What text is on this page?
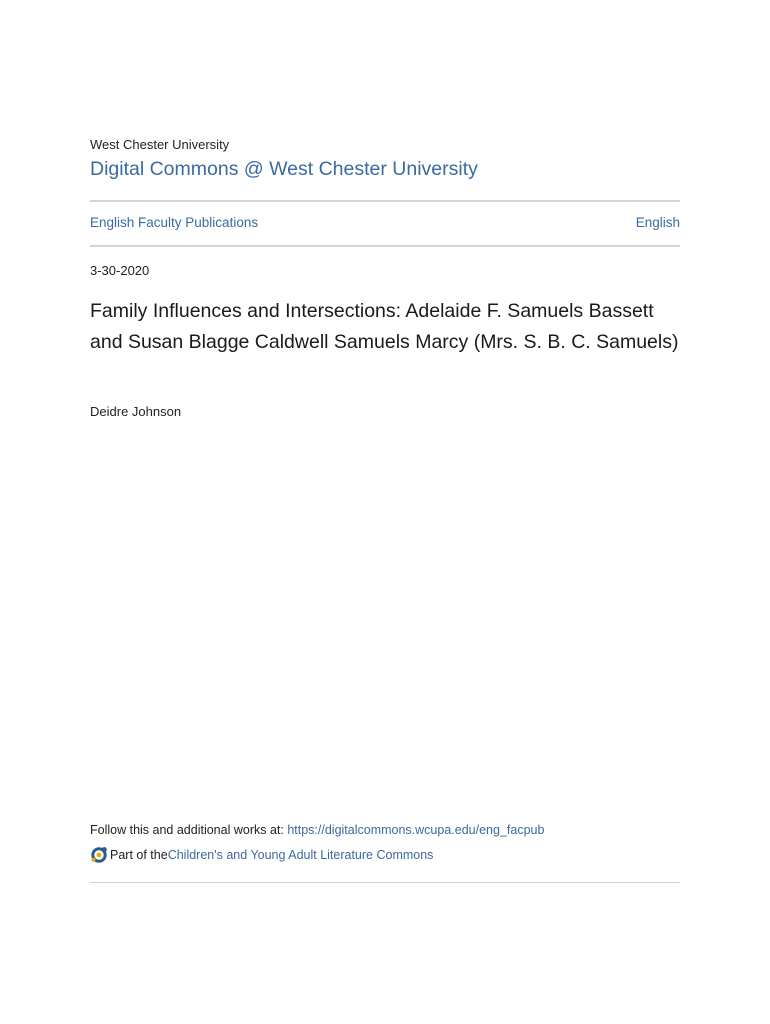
West Chester University
Digital Commons @ West Chester University
English Faculty Publications	English
3-30-2020
Family Influences and Intersections: Adelaide F. Samuels Bassett and Susan Blagge Caldwell Samuels Marcy (Mrs. S. B. C. Samuels)
Deidre Johnson
Follow this and additional works at: https://digitalcommons.wcupa.edu/eng_facpub
Part of the Children's and Young Adult Literature Commons
